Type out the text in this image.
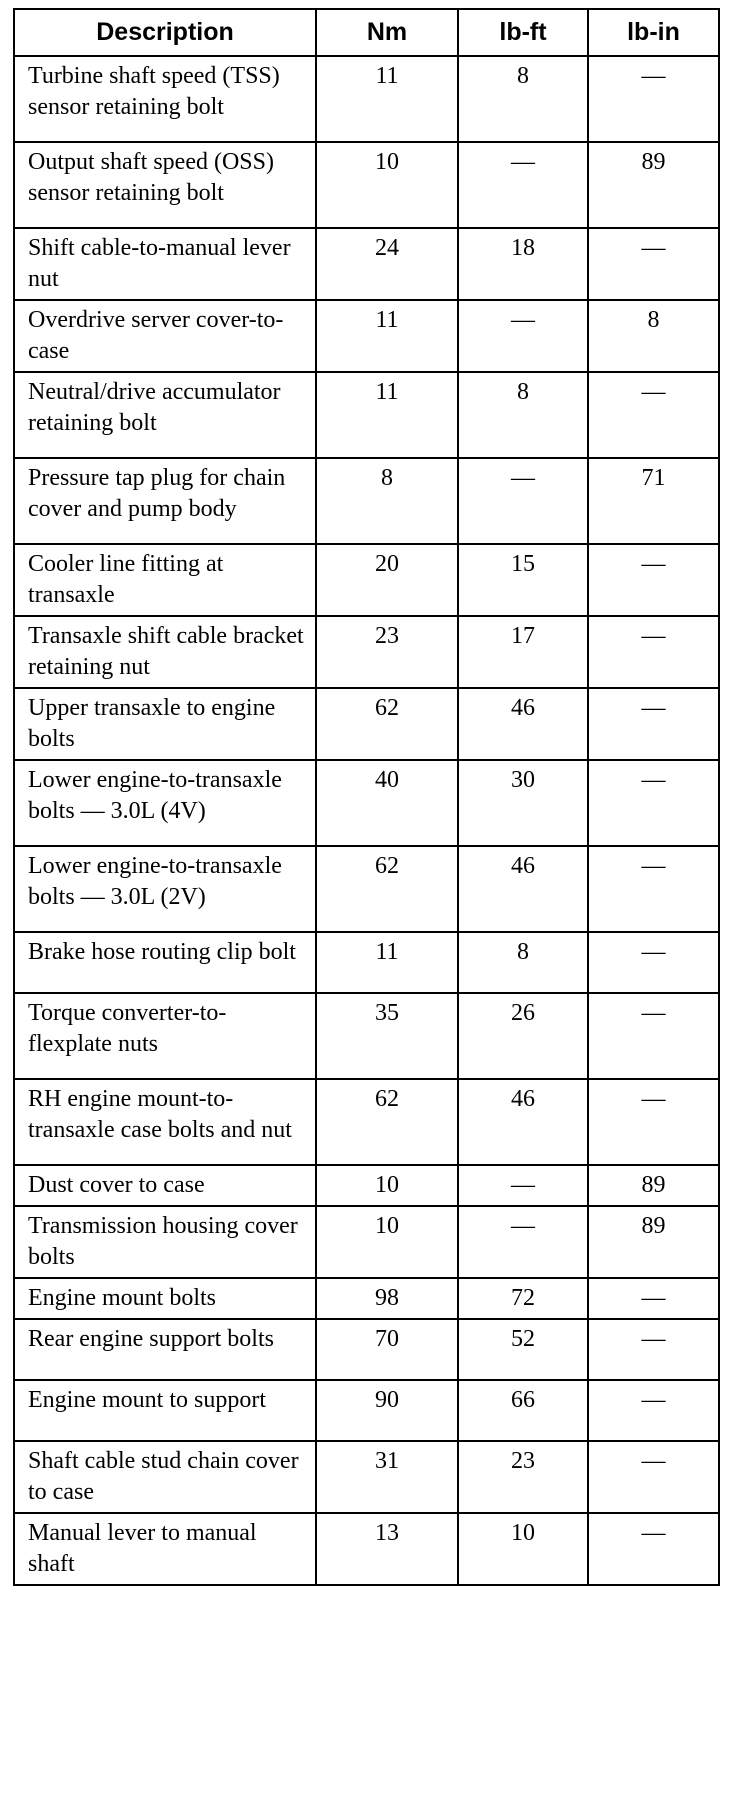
Description	Nm	lb-ft	lb-in
Turbine shaft speed (TSS) sensor retaining bolt	11	8	—
Output shaft speed (OSS) sensor retaining bolt	10	—	89
Shift cable-to-manual lever nut	24	18	—
Overdrive server cover-to-case	11	—	8
Neutral/drive accumulator retaining bolt	11	8	—
Pressure tap plug for chain cover and pump body	8	—	71
Cooler line fitting at transaxle	20	15	—
Transaxle shift cable bracket retaining nut	23	17	—
Upper transaxle to engine bolts	62	46	—
Lower engine-to-transaxle bolts — 3.0L (4V)	40	30	—
Lower engine-to-transaxle bolts — 3.0L (2V)	62	46	—
Brake hose routing clip bolt	11	8	—
Torque converter-to-flexplate nuts	35	26	—
RH engine mount-to-transaxle case bolts and nut	62	46	—
Dust cover to case	10	—	89
Transmission housing cover bolts	10	—	89
Engine mount bolts	98	72	—
Rear engine support bolts	70	52	—
Engine mount to support	90	66	—
Shaft cable stud chain cover to case	31	23	—
Manual lever to manual shaft	13	10	—
